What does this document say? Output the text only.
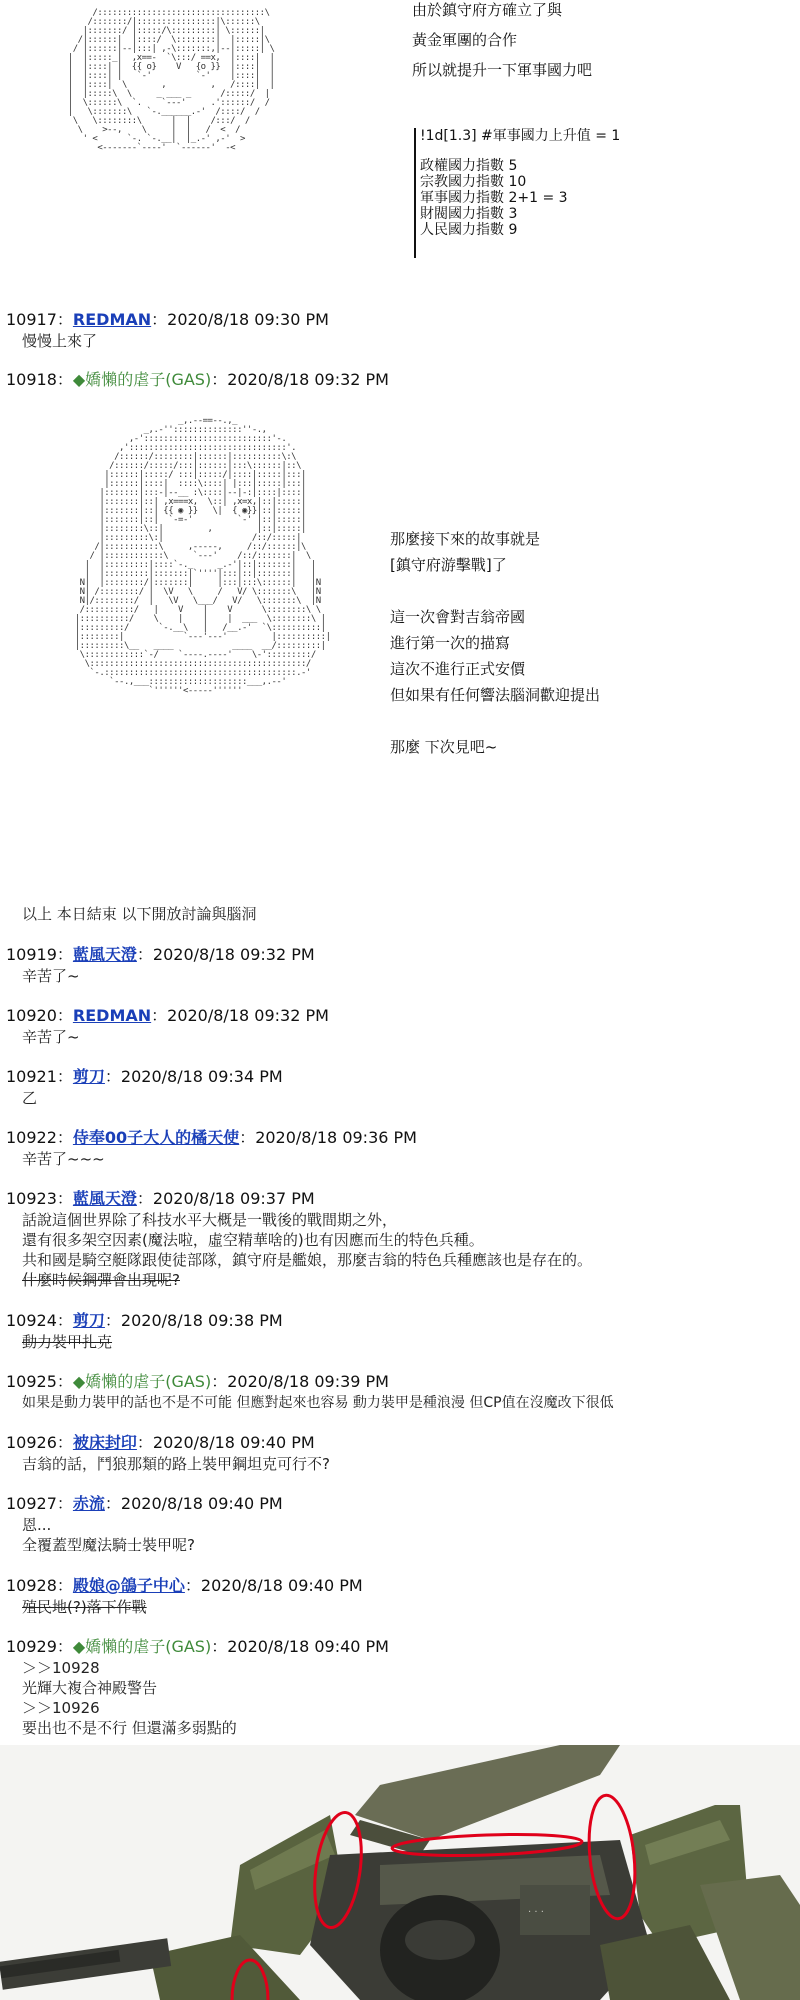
/::::::::::::::::::::::::::::::::::\
/:::::::/|::::::::::::::::|\::::::\
|:::::::/ |:::::/\:::::::::| \::::::|
/|::::::|  |::::/  \::::::::|  |:::::|\
/ |::::::|--|:::| ,-\:::::::,|--|:::::| \
|  |:::::_|  ,x==-  `\:::/ ==x,  |::::|  |
|  |::::| |  {{ o}    V   {o }}  |::::|  |
|  |::::| |   `-'         `-'    |::::|  |
|  |::::|  \       ,         ,   /::::|  |
|  |:::::\  \     _ ___ _      /:::::/  |
|  \::::::\  `.    `---'     .'::::::/  /
|   \:::::::\   `-.______.-'  /::::/  /
\   \::::::::\      |  |    /:::/  /
\    >--,    \     |  |   /  <  /
' <      `-. `-.__|  |_.-' ,-'  >
<-------`----'  `------'  -<

由於鎮守府方確立了與
黃金軍團的合作
所以就提升一下軍事國力吧
!1d[1.3] #軍事國力上升值 = 1
政權國力指數 5
宗教國力指數 10
軍事國力指數 2+1 = 3
財閥國力指數 3
人民國力指數 9
10917：REDMAN：2020/8/18 09:30 PM
慢慢上來了
10918：◆嬌懶的虐子(GAS)：2020/8/18 09:32 PM

_,.--==--.,_
_,.-''::::::::::::::''-.,
,-'::::::::::::::::::::::::::'-.
,'::::::::::::::::::::::::::::::::'.
/::::::/::::::::|::::::|::::::::::\:\
/::::::/:::::/:::|::::::|:::\::::::|::\
|::::::|:::::/ :::|:::::/|::::|:::::|:::|
|::::::|::::|  ::::\::::| |:::|:::::|:::|
|:::::::|:::-|--__ :\::::|--|-:|::::|::::|
|:::::::|::| ,x===x,  \::| ,x=x,|::|:::::|
|:::::::|::| {{ ◉ }}   \|  { ◉}}|::|:::::|
|:::::::|::|  `-=-'         `-' |::|:::::|
|::::::::\::|         ,         |::|:::::|
|:::::::::\:|                  /::/:::::|
/|:::::::::::\     ,-----,     /::/::::::|\
/ |::::::::::::\     `---'    /::/:::::::|  \
|  |:::::::::|::::`-._     _.-'|::|:::::::|   |
|  |:::::::::|:::::::|`''''|:::|::|:::::::|   |
N|  |::::::::/|:::::::|     |:::|:::\::::::|   |N
N| /::::::::/ |  \V   \     /   V/ \:::::::\   |N
N|/::::::::/  |   \V   \___/   V/   \:::::::\  |N
/::::::::::/   |    V    |    V      \::::::::\ \
|::::::::::/    \    |    |    |  ___  \::::::::\ |
|:::::::::/      `-.__\   |   /__.-'  `\::::::::::|
|::::::::|            `---'---'         |::::::::::|
|:::::::::\__   ____            ____  __/:::::::::|
\::::::::::::`-/    `----.----'    \-':::::::::/
\::::::::::::::::::::::::::::::::::::::::::::/
`-.:::::::::::::::::::::::::::::::::::::::.-'
`--.,___::::::::::::::::::::___,.--'
`''''''<-----''''''

那麼接下來的故事就是
[鎮守府游擊戰]了
這一次會對吉翁帝國
進行第一次的描寫
這次不進行正式安價
但如果有任何響法腦洞歡迎提出
那麼 下次見吧~
以上 本日結束 以下開放討論與腦洞
10919：藍風天澄：2020/8/18 09:32 PM
辛苦了~
10920：REDMAN：2020/8/18 09:32 PM
辛苦了~
10921：剪刀：2020/8/18 09:34 PM
乙
10922：侍奉00子大人的橘天使：2020/8/18 09:36 PM
辛苦了~~~
10923：藍風天澄：2020/8/18 09:37 PM
話說這個世界除了科技水平大概是一戰後的戰間期之外，
還有很多架空因素(魔法啦，虛空精華啥的)也有因應而生的特色兵種。
共和國是騎空艇隊跟使徒部隊，鎮守府是艦娘，那麼吉翁的特色兵種應該也是存在的。
什麼時候鋼彈會出現呢?
10924：剪刀：2020/8/18 09:38 PM
動力裝甲扎克
10925：◆嬌懶的虐子(GAS)：2020/8/18 09:39 PM
如果是動力裝甲的話也不是不可能 但應對起來也容易 動力裝甲是種浪漫 但CP值在沒魔改下很低
10926：被床封印：2020/8/18 09:40 PM
吉翁的話，鬥狼那類的路上裝甲鋼坦克可行不?
10927：赤流：2020/8/18 09:40 PM
恩...
全覆蓋型魔法騎士裝甲呢?
10928：殿娘@鴿子中心：2020/8/18 09:40 PM
殖民地(?)落下作戰
10929：◆嬌懶的虐子(GAS)：2020/8/18 09:40 PM
＞＞10928
光輝大複合神殿警告
＞＞10926
要出也不是不行 但還滿多弱點的
· · ·
